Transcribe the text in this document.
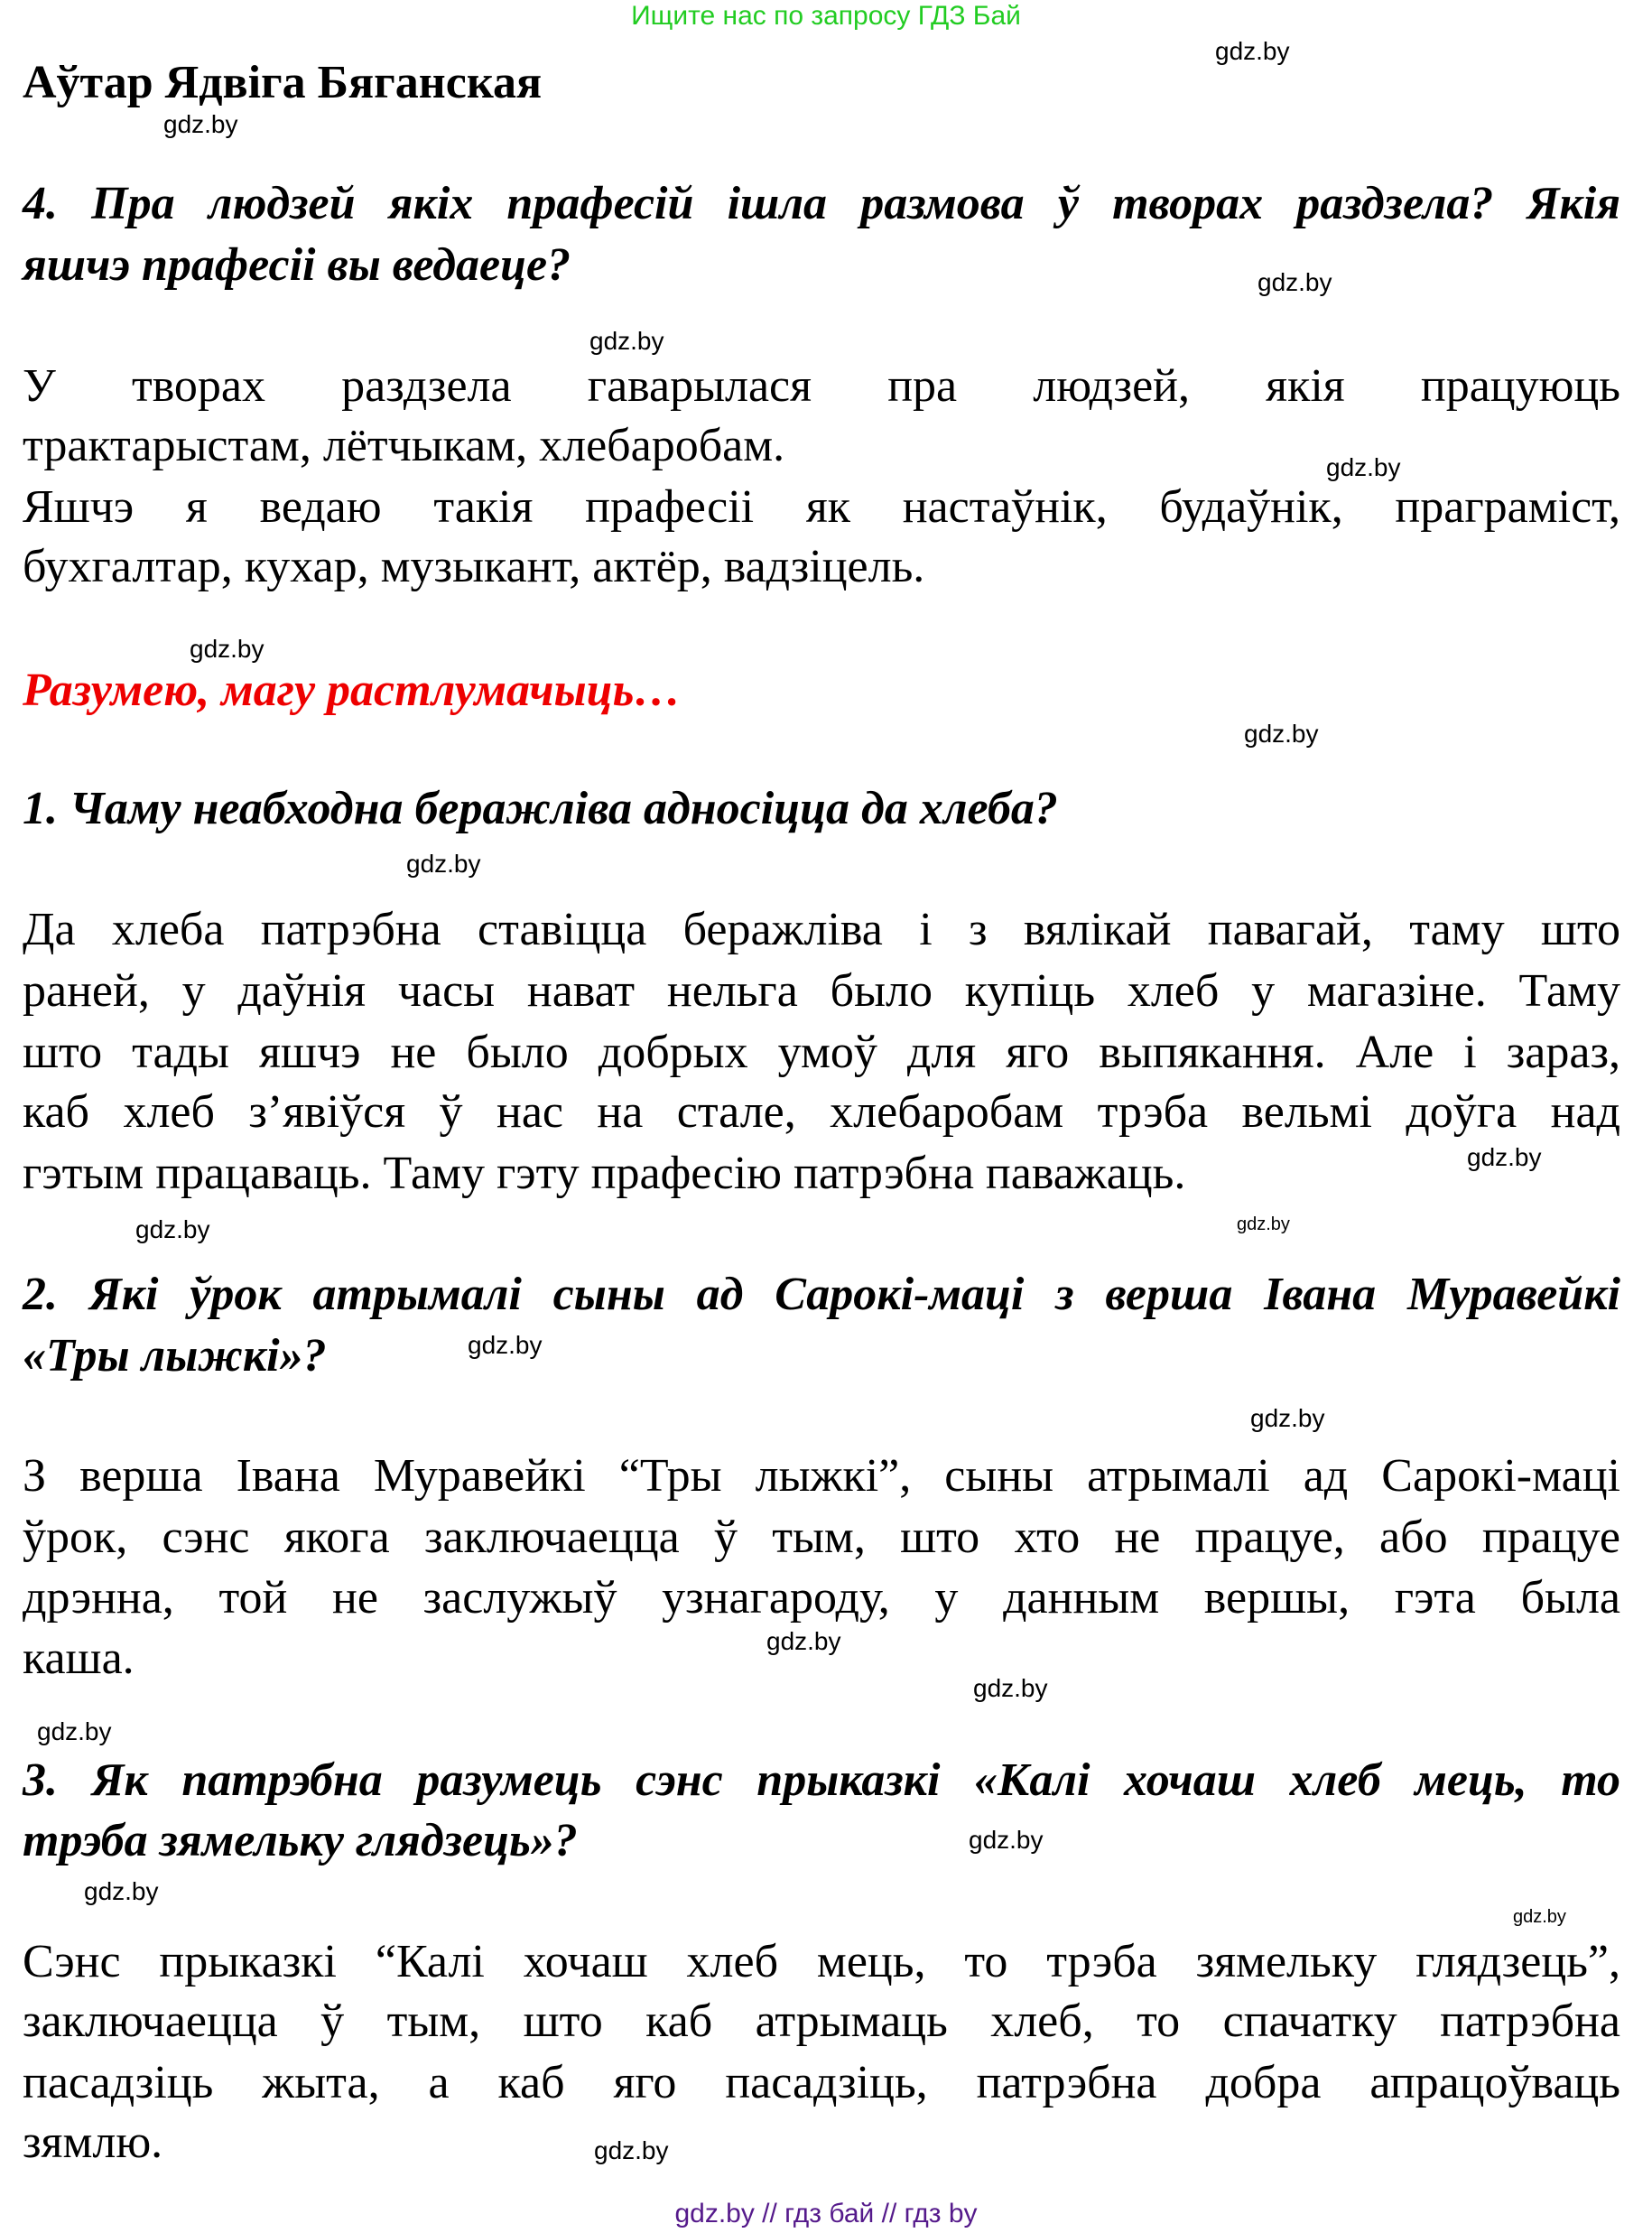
Ищите нас по запросу ГДЗ Бай
Аўтар Ядвіга Бяганская
4. Пра людзей якіх прафесій ішла размова ў творах раздзела? Якія
яшчэ прафесіі вы ведаеце?
У творах раздзела гаварылася пра людзей, якія працуюць
трактарыстам, лётчыкам, хлебаробам.
Яшчэ я ведаю такія прафесіі як настаўнік, будаўнік, праграміст,
бухгалтар, кухар, музыкант, актёр, вадзіцель.
Разумею, магу растлумачыць…
1. Чаму неабходна беражліва адносіцца да хлеба?
Да хлеба патрэбна ставіцца беражліва і з вялікай павагай, таму што
раней, у даўнія часы нават нельга было купіць хлеб у магазіне. Таму
што тады яшчэ не было добрых умоў для яго выпякання. Але і зараз,
каб хлеб з’явіўся ў нас на стале, хлебаробам трэба вельмі доўга над
гэтым працаваць. Таму гэту прафесію патрэбна паважаць.
2. Які ўрок атрымалі сыны ад Сарокі-маці з верша Івана Муравейкі
«Тры лыжкі»?
З верша Івана Муравейкі “Тры лыжкі”, сыны атрымалі ад Сарокі-маці
ўрок, сэнс якога заключаецца ў тым, што хто не працуе, або працуе
дрэнна, той не заслужыў узнагароду, у данным вершы, гэта была
каша.
3. Як патрэбна разумець сэнс прыказкі «Калі хочаш хлеб мець, то
трэба зямельку глядзець»?
Сэнс прыказкі “Калі хочаш хлеб мець, то трэба зямельку глядзець”,
заключаецца ў тым, што каб атрымаць хлеб, то спачатку патрэбна
пасадзіць жыта, а каб яго пасадзіць, патрэбна добра апрацоўваць
зямлю.
gdz.by
gdz.by
gdz.by
gdz.by
gdz.by
gdz.by
gdz.by
gdz.by
gdz.by
gdz.by
gdz.by
gdz.by
gdz.by
gdz.by
gdz.by
gdz.by
gdz.by
gdz.by
gdz.by
gdz.by
gdz.by // гдз бай // гдз by
